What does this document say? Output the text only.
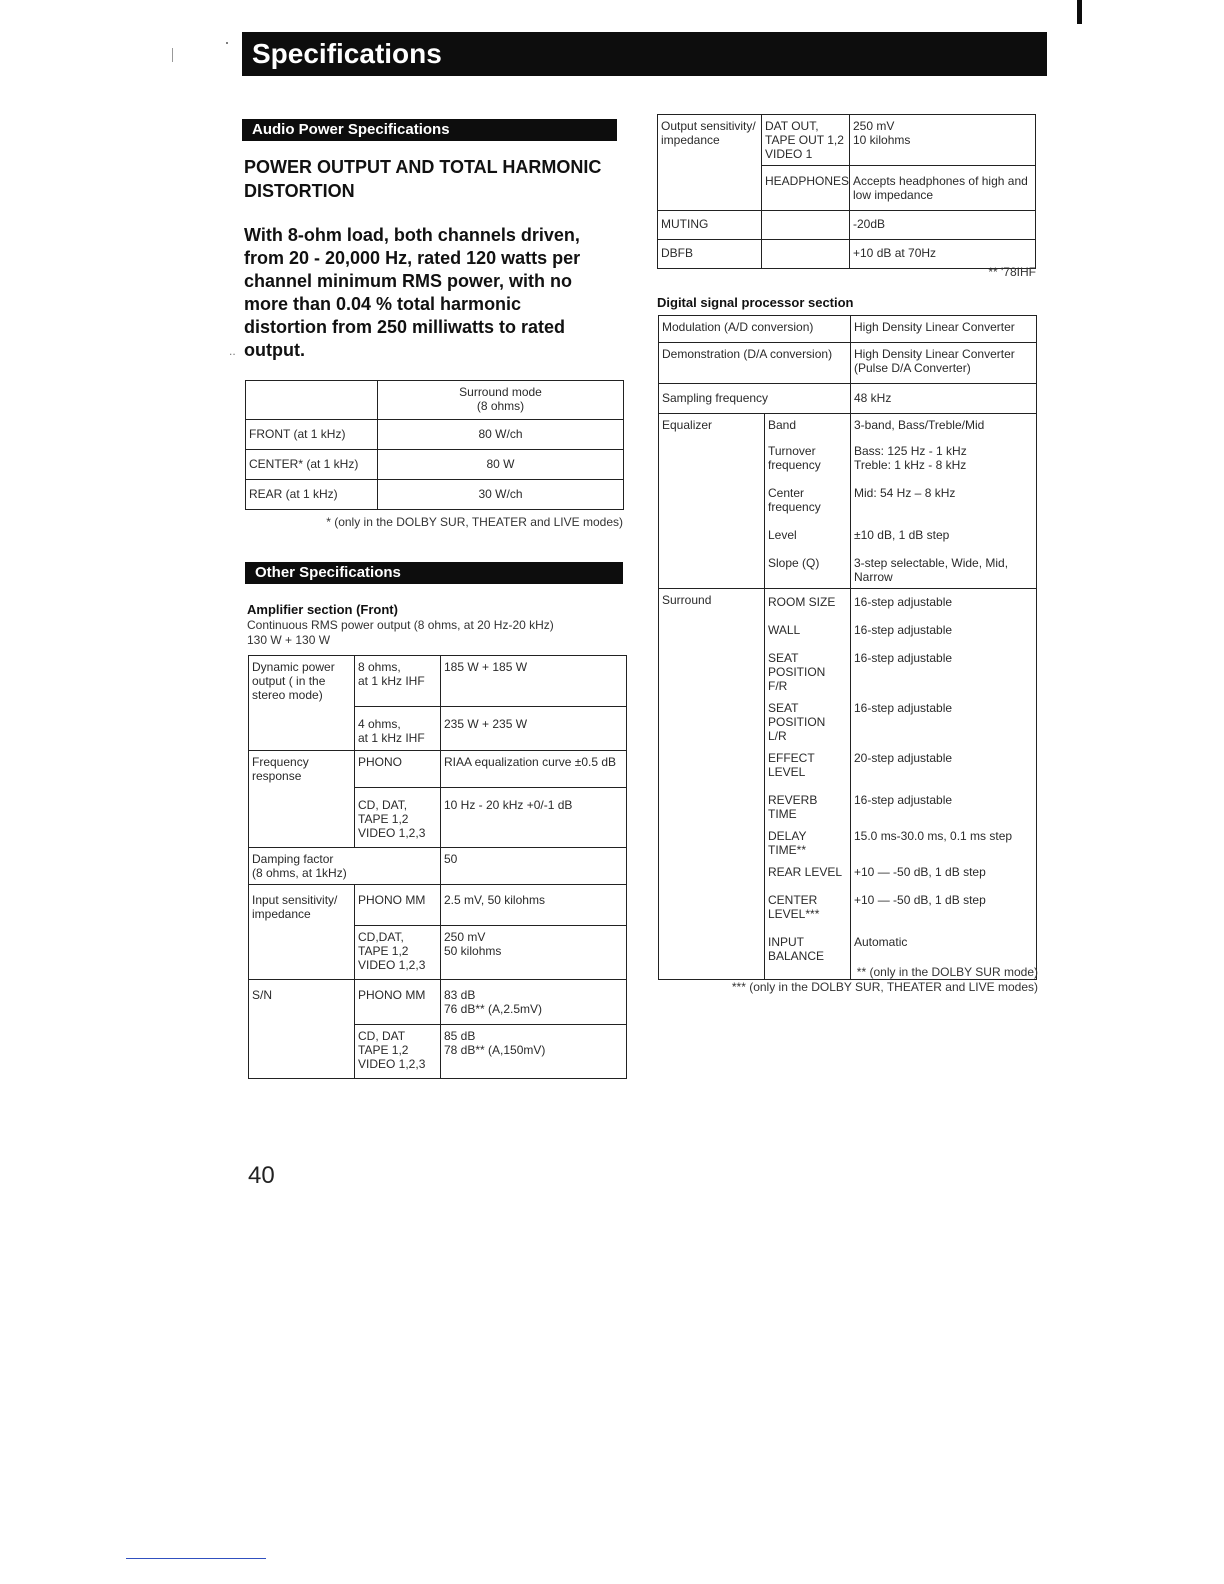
Specifications
Audio Power Specifications
POWER OUTPUT AND TOTAL HARMONIC DISTORTION
With 8-ohm load, both channels driven, from 20 - 20,000 Hz, rated 120 watts per channel minimum RMS power, with no more than 0.04 % total harmonic distortion from 250 milliwatts to rated output.
..
	Surround mode
(8 ohms)
FRONT (at 1 kHz)	80 W/ch
CENTER* (at 1 kHz)	80 W
REAR (at 1 kHz)	30 W/ch
* (only in the DOLBY SUR, THEATER and LIVE modes)
Other Specifications
Amplifier section (Front)
Continuous RMS power output (8 ohms, at 20 Hz-20 kHz)
130 W + 130 W
Dynamic power output ( in the stereo mode)	8 ohms,
at 1 kHz IHF	185 W + 185 W
	4 ohms,
at 1 kHz IHF	235 W + 235 W
Frequency response	PHONO	RIAA equalization curve ±0.5 dB
	CD, DAT,
TAPE 1,2
VIDEO 1,2,3	10 Hz - 20 kHz +0/-1 dB
Damping factor
(8 ohms, at 1kHz)		50
Input sensitivity/ impedance	PHONO MM	2.5 mV, 50 kilohms
	CD,DAT,
TAPE 1,2
VIDEO 1,2,3	250 mV
50 kilohms
S/N	PHONO MM	83 dB
76 dB** (A,2.5mV)
	CD, DAT
TAPE 1,2
VIDEO 1,2,3	85 dB
78 dB** (A,150mV)
Output sensitivity/ impedance	DAT OUT,
TAPE OUT 1,2
VIDEO 1	250 mV
10 kilohms
	HEADPHONES	Accepts headphones of high and low impedance
MUTING		-20dB
DBFB		+10 dB at 70Hz
** '78IHF
Digital signal processor section
Modulation (A/D conversion)		High Density Linear Converter
Demonstration (D/A conversion)		High Density Linear Converter (Pulse D/A Converter)
Sampling frequency		48 kHz
Equalizer	Band	3-band, Bass/Treble/Mid
	Turnover frequency	Bass: 125 Hz - 1 kHz
Treble: 1 kHz - 8 kHz
	Center frequency	Mid: 54 Hz – 8 kHz
	Level	±10 dB, 1 dB step
	Slope (Q)	3-step selectable, Wide, Mid, Narrow
Surround	ROOM SIZE	16-step adjustable
	WALL	16-step adjustable
	SEAT POSITION F/R	16-step adjustable
	SEAT POSITION L/R	16-step adjustable
	EFFECT LEVEL	20-step adjustable
	REVERB TIME	16-step adjustable
	DELAY TIME**	15.0 ms-30.0 ms, 0.1 ms step
	REAR LEVEL	+10 — -50 dB, 1 dB step
	CENTER LEVEL***	+10 — -50 dB, 1 dB step
	INPUT BALANCE	Automatic
** (only in the DOLBY SUR mode)
*** (only in the DOLBY SUR, THEATER and LIVE modes)
40
